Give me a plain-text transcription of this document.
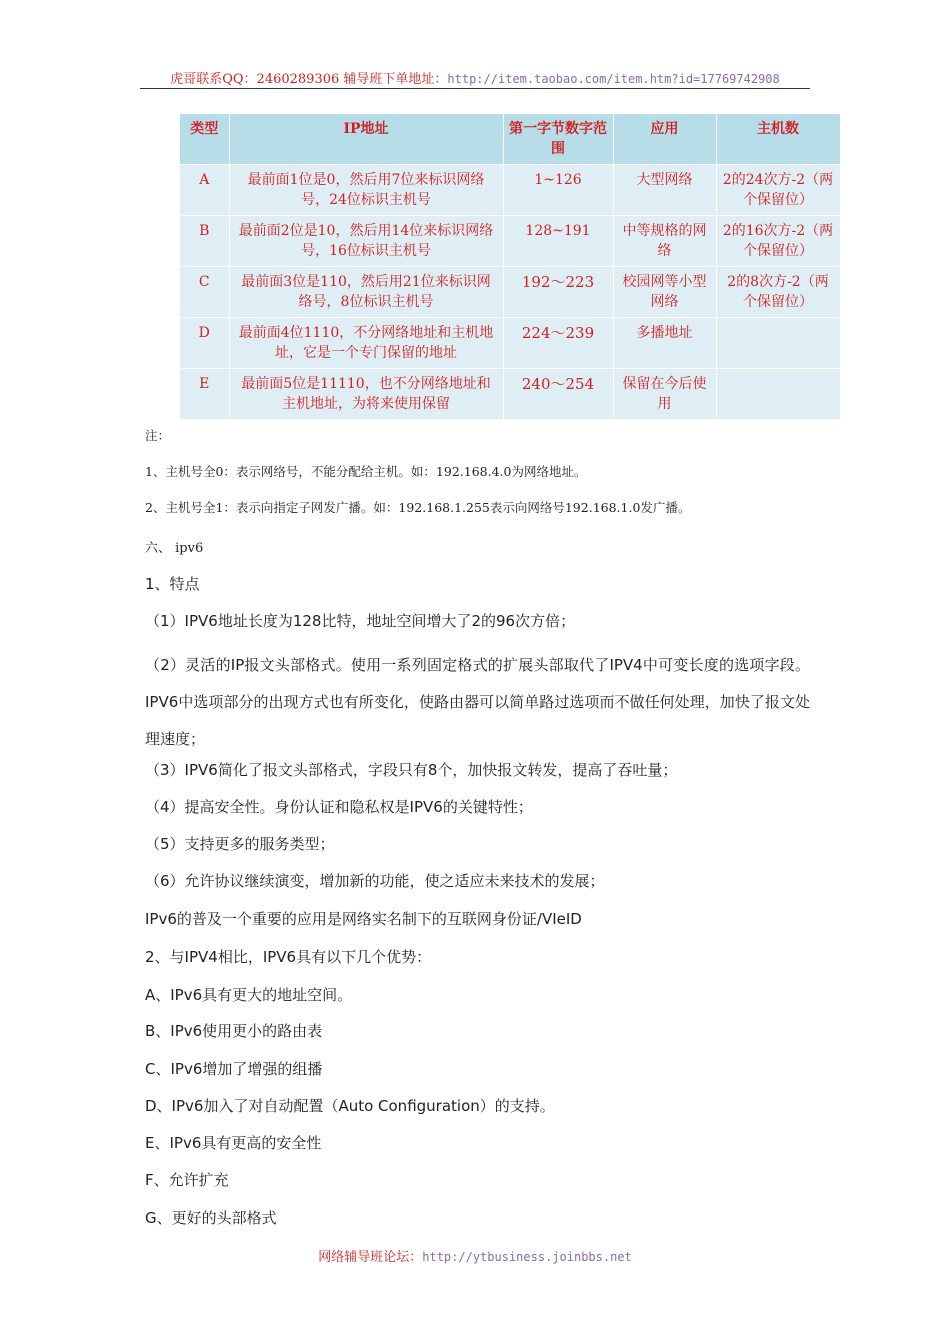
虎哥联系QQ：2460289306 辅导班下单地址：http://item.taobao.com/item.htm?id=17769742908
类型	IP地址	第一字节数字范围	应用	主机数
A	最前面1位是0，然后用7位来标识网络号，24位标识主机号	1~126	大型网络	2的24次方-2（两个保留位）
B	最前面2位是10，然后用14位来标识网络号，16位标识主机号	128~191	中等规格的网络	2的16次方-2（两个保留位）
C	最前面3位是110，然后用21位来标识网络号，8位标识主机号	192～223	校园网等小型网络	2的8次方-2（两个保留位）
D	最前面4位1110，不分网络地址和主机地址，它是一个专门保留的地址	224～239	多播地址	
E	最前面5位是11110，也不分网络地址和主机地址，为将来使用保留	240～254	保留在今后使用	
注：
1、主机号全0：表示网络号，不能分配给主机。如：192.168.4.0为网络地址。
2、主机号全1：表示向指定子网发广播。如：192.168.1.255表示向网络号192.168.1.0发广播。
六、 ipv6
1、特点
（1）IPV6地址长度为128比特，地址空间增大了2的96次方倍；
（2）灵活的IP报文头部格式。使用一系列固定格式的扩展头部取代了IPV4中可变长度的选项字段。IPV6中选项部分的出现方式也有所变化，使路由器可以简单路过选项而不做任何处理，加快了报文处理速度；
（3）IPV6简化了报文头部格式，字段只有8个，加快报文转发，提高了吞吐量；
（4）提高安全性。身份认证和隐私权是IPV6的关键特性；
（5）支持更多的服务类型；
（6）允许协议继续演变，增加新的功能，使之适应未来技术的发展；
IPv6的普及一个重要的应用是网络实名制下的互联网身份证/VIeID
2、与IPV4相比，IPV6具有以下几个优势：
A、IPv6具有更大的地址空间。
B、IPv6使用更小的路由表
C、IPv6增加了增强的组播
D、IPv6加入了对自动配置（Auto Configuration）的支持。
E、IPv6具有更高的安全性
F、允许扩充
G、更好的头部格式
网络辅导班论坛：http://ytbusiness.joinbbs.net
